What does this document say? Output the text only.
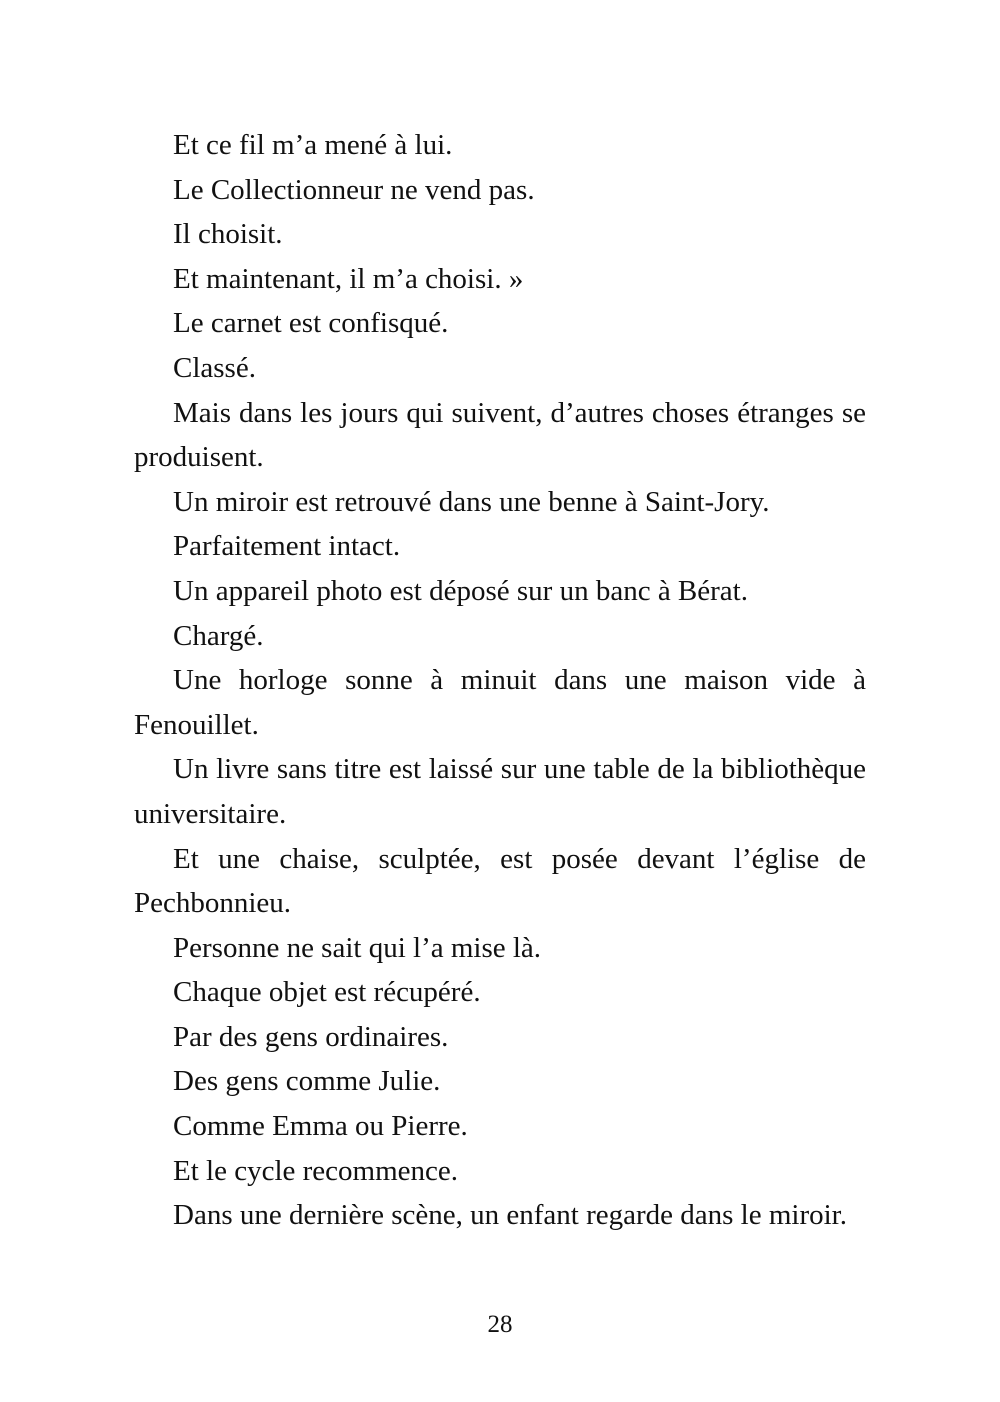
Et ce fil m’a mené à lui.

Le Collectionneur ne vend pas.

Il choisit.

Et maintenant, il m’a choisi. »

Le carnet est confisqué.

Classé.

Mais dans les jours qui suivent, d’autres choses étranges se produisent.

Un miroir est retrouvé dans une benne à Saint-Jory.

Parfaitement intact.

Un appareil photo est déposé sur un banc à Bérat.

Chargé.

Une horloge sonne à minuit dans une maison vide à Fenouillet.

Un livre sans titre est laissé sur une table de la bibliothèque universitaire.

Et une chaise, sculptée, est posée devant l’église de Pechbonnieu.

Personne ne sait qui l’a mise là.

Chaque objet est récupéré.

Par des gens ordinaires.

Des gens comme Julie.

Comme Emma ou Pierre.

Et le cycle recommence.

Dans une dernière scène, un enfant regarde dans le miroir.

28
